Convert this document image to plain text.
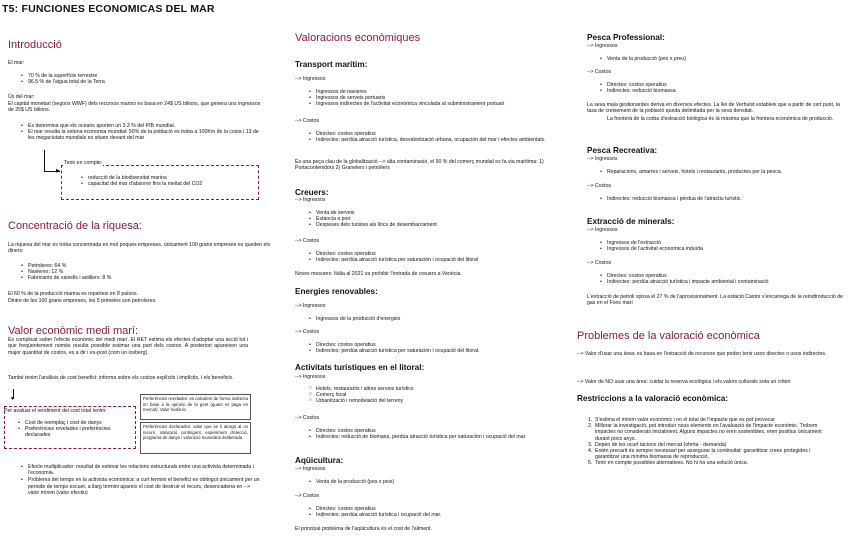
T5: FUNCIONES ECONOMICAS DEL MAR
Introducció
El mar:
• 70 % de la superfície terrestre
• 96.5 % de l'aigua total de la Terra
Ús del mar:
El capital monetari (segons WWF) dels recursos marins es basa en 24$ US bilions, que genera uns ingressos de 25$ US bilions.
• Es determina que els oceans aporten un 3.3 % del PIB mundial.
• El mar resulta la setena economia mundial: 50% de la població es troba a 100Km de la costa i 13 de les megaciutats mundials es situen devant del mar
▶
Tenir en compte:
• reducció de la biodiversitat marina
• capacitat del mar d'absorvir fins la meitat del CO2
Concentració de la riquesa:
La riquesa del mar es troba concentrada en mol poques empreses, únicament 100 grans empreses es queden els diners:
• Petroleres: 64 %
• Navieres: 12 %
• Fabricants de vaixells i astillers: 8 %
El 60 % de la producció marina es reparteix en 8 països.
Dintre de les 100 grans empreses, les 5 primeles son petroleres.
Valor econòmic medi marí:
És complicat saber l'efecte econòmic del medi marí. El RET estima els efectes d'adoptar una acció tot i que freqüentement només resulta possible estimar una part dels costos. A posteriori apareixen una major quantitat de costos, es a dir i ex-post (com un iceberg).
També tenim l'anàlisis de cost benefici: informa sobre els costos explícits i implícits, i els beneficis.
▼
Per avaluar el rendiment del cost total tenim:
• Cost de reemplaç i cost de danys
• Preferències revelades i preferències declarades
Preferències revelades: es calculem de forma indirecta en base a la opinión de la gent (quant es paga en mercat). Valor hedònic
Preferències declarades: valor que se li atorga al un recurs. Valoració contingent, experiment d'elecció, programa de danys i valoració monetària deliberada
• Efecte multiplicador: resultat de estimar les relacions estructurals entre una activista determinada i l'economia.
• Problema del temps en la activista econòmica: a curt termini el benefici es obtingut únicament per un periode de temps escuet, a llarg termini apareix el cost de destruir el recurs, desencadena en --> valor mínim (valor efectiu)
Valoracions econòmiques
Transport marítim:
--> Ingressos
• Ingressos de navieres
• Ingressos de serveis portuaris
• Ingressos indirectes de l'activitat econòmica vinculada al subministrament portuari
--> Costos
• Directes: costos operatius
• Indirectes: perdúa atracció turística, desvalorització urbana, ocupación del mar i efectes ambientals.
És una peça clau de la globalització --> alta contaminació, el 90 % del comerç mundial es fa via marítima: 1) Portacontenidors 2) Granelers i petroliers
Creuers:
--> Ingressos
• Venta de serveis
• Estància a port
• Despeses dels turistes als llocs de desembarcament
--> Costos
• Directes: costos operatius
• Indirectes: perdúa atracció turística per saturación i ocupació del litoral
Noves mesures: Itàlia al 2021 va prohibir l'entrada de creuers a Venècia.
Energies renovables:
--> Ingressos
• Ingressos de la producció d'energies
--> Costos
• Directes: costos operatius
• Indirectes: perdúa atracció turística per saturación i ocupació del litoral.
Activitats turístiques en el litoral:
--> Ingressos
○ Hotels, restaurants i altres serveis turístics
○ Comerç local
○ Urbanització i remodelació del terreny
--> Costos
• Directes: costos operatius
• Indirectes: reducció de biomasa, perdúa atracció turística per saturación i ocupació del mar
Aqüicultura:
--> Ingressos
• Venta de la producció (pes x peix)
--> Costos
• Directes: costos operatius
• Indirectes: perdúa atracció turística i ocupació del mar.
El principal problema de l'aqüicultura és el cost de l'aliment.
Pesca Professional:
--> Ingressos
• Venta de la producció (pes x preu)
--> Costos
• Directes: costos operatius
• Indirectes: reducció biomassa
La seva mala gestionardes deriva en diversos efectes. La llei de Verhulst estableix que a partir de cert punt, la tasa de creixement de la població queda delimitada per la seva densitat.
La fronterà de la corba d'extracció biològica és la màxima que la frontera econòmica de producció.
Pesca Recreativa:
--> Ingressos
• Reparacions, amarres i serveis, hotels i restaurants, productes per la pesca.
--> Costos
• Indirectes: reducció biomassa i pèrdua de l'atractiu turístic.
Extracció de minerals:
--> Ingressos
• Ingressos de l'extracció
• Ingressos de l'activitat economica induïda
--> Costos
• Directes: costos operatius
• Indirectes: perdúa atracció turística i impacte ambiental i contaminació
L'extracció de petroli sposa el 27 % de l'aprovisionament. La estació Castor s'encarrega de la reindtroducció de gas en el Fons marí
Problemes de la valoració econòmica
--> Valor d'usar una àrea: es basa en l'extracció de recursos que poden tenir usos directes o usos indirectes.
--> Valor de NO usar una àrea: cuidar la reserva ecològica i els valors culturals sota un criteri
Restriccions a la valoració econòmica:
1. S'estima el mínim valor econòmic i no el total de l'impacte que es pot provocar
2. Millorar la investigació, pot introduir nous elements en l'avaluació de l'impacte econòmic. Trobem impactes no considerats inicialment. Alguns impactes no eren sostenibles, eren positius únicament durant pocs anys.
3. Depèn de les ocurt tacions del mercat (oferta - demanda)
4. Entén precarit és sempre necessari per assegurar la continuitat: garantitzar crees protegides i garantitzar una mínima biomassa de reproducció.
5. Tenir en compte possibles alternatives. No hi ha una solució única.
